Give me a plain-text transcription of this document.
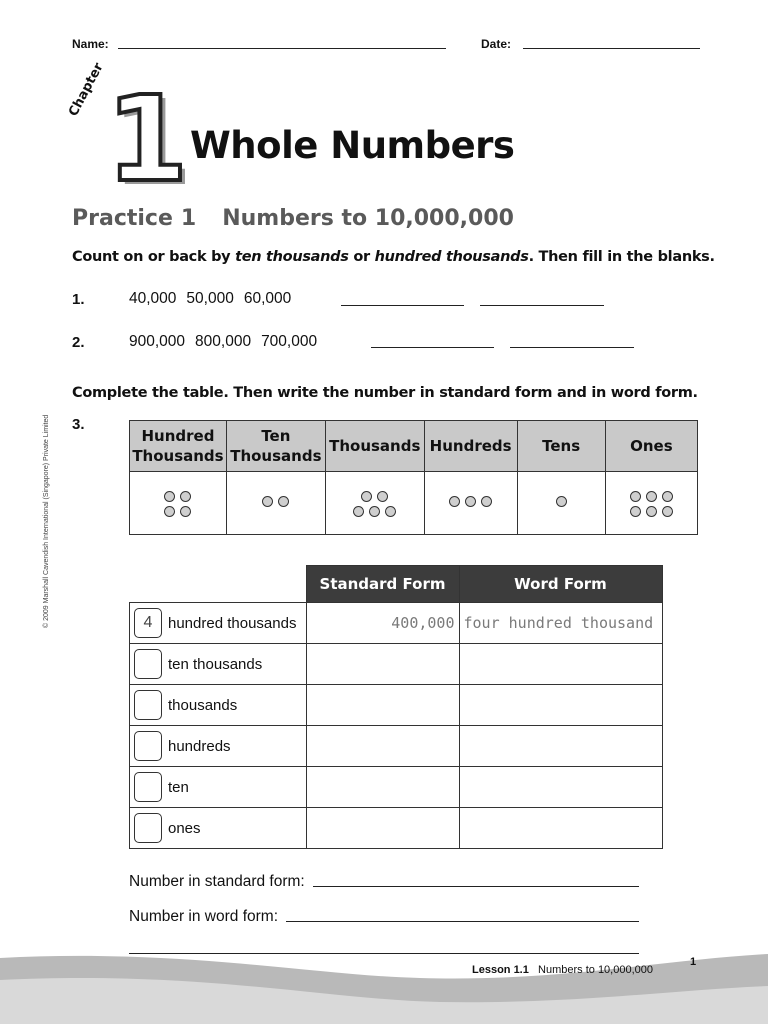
Name:	Date:
Chapter 1 Whole Numbers
Practice 1 Numbers to 10,000,000
Count on or back by ten thousands or hundred thousands. Then fill in the blanks.
1.	40,000 50,000 60,000
2.	900,000 800,000 700,000
Complete the table. Then write the number in standard form and in word form.
3.
Hundred Thousands	Ten Thousands	Thousands	Hundreds	Tens	Ones

	Standard Form	Word Form

4 hundred thousands	400,000	four hundred thousand

ten thousands		

thousands		

hundreds		

ten		

ones		

Number in standard form:
Number in word form:
Lesson 1.1 Numbers to 10,000,000
1
© 2009 Marshall Cavendish International (Singapore) Private Limited
